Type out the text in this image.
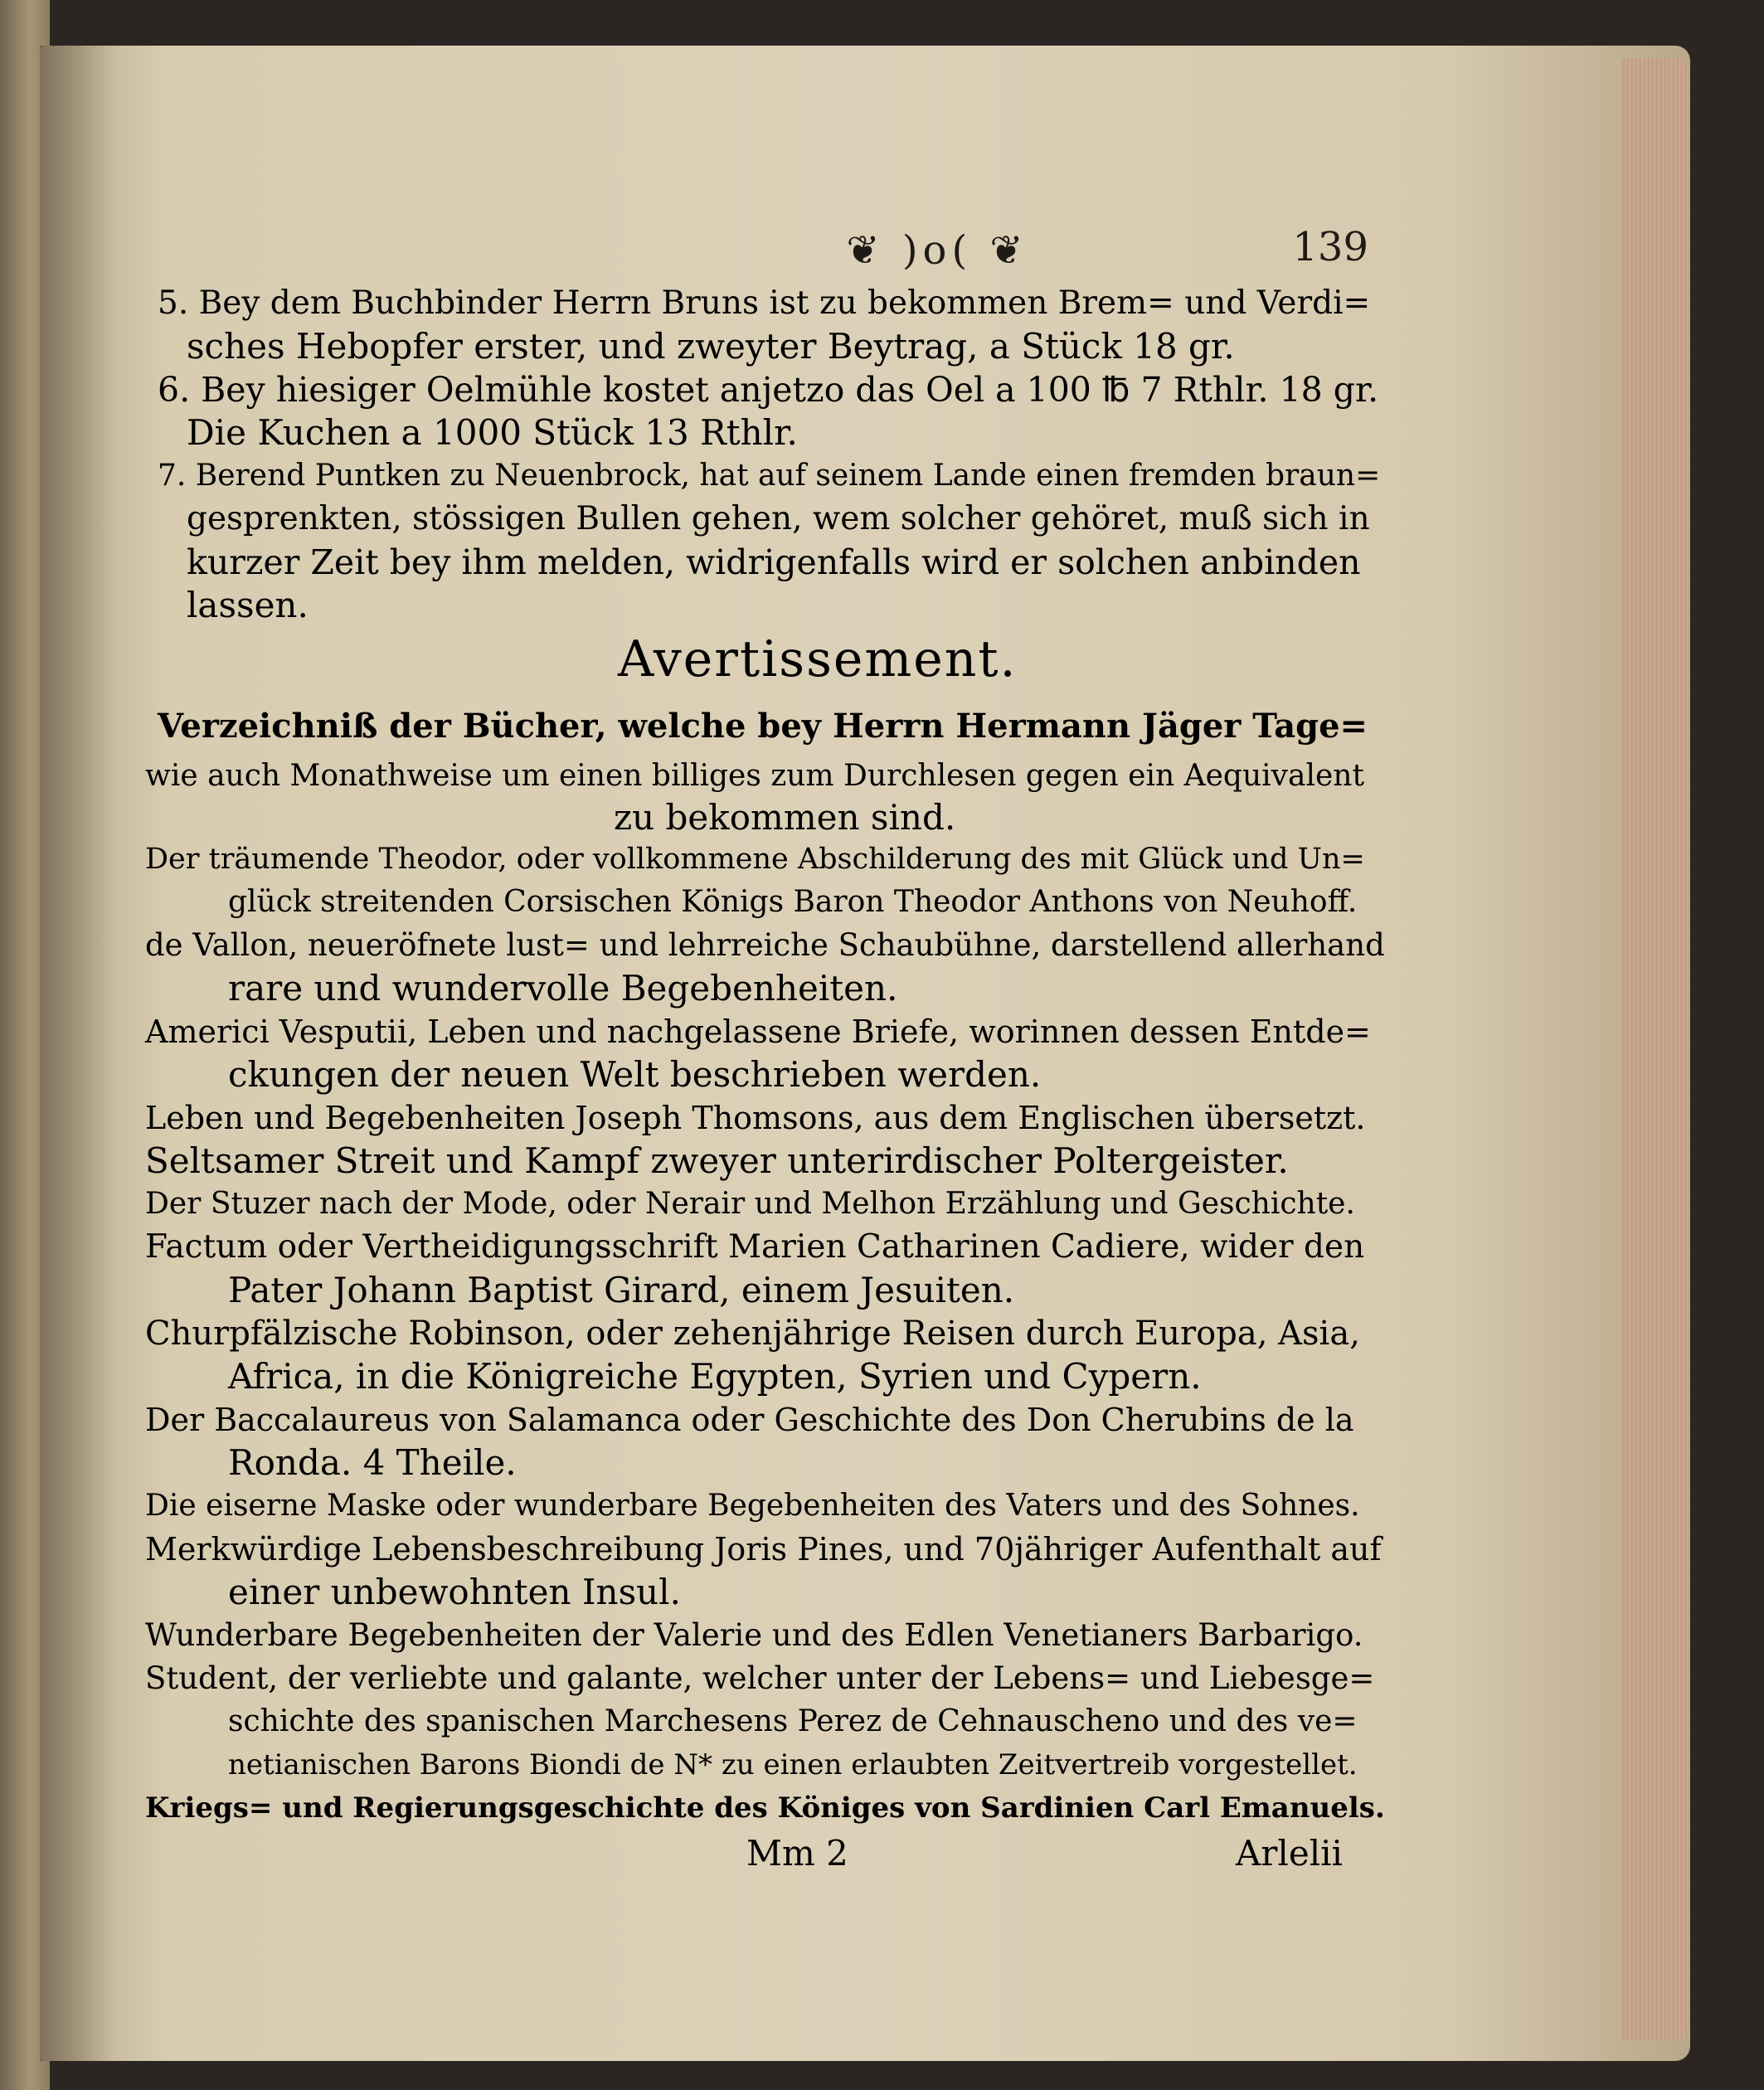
❦ )o( ❦	139
5. Bey dem Buchbinder Herrn Bruns ist zu bekommen Brem= und Verdi=
sches Hebopfer erster, und zweyter Beytrag, a Stück 18 gr.
6. Bey hiesiger Oelmühle kostet anjetzo das Oel a 100 ℔ 7 Rthlr. 18 gr.
Die Kuchen a 1000 Stück 13 Rthlr.
7. Berend Puntken zu Neuenbrock, hat auf seinem Lande einen fremden braun=
gesprenkten, stössigen Bullen gehen, wem solcher gehöret, muß sich in
kurzer Zeit bey ihm melden, widrigenfalls wird er solchen anbinden
lassen.
Avertissement.
Verzeichniß der Bücher, welche bey Herrn Hermann Jäger Tage=
wie auch Monathweise um einen billiges zum Durchlesen gegen ein Aequivalent
zu bekommen sind.
Der träumende Theodor, oder vollkommene Abschilderung des mit Glück und Un=
glück streitenden Corsischen Königs Baron Theodor Anthons von Neuhoff.
de Vallon, neueröfnete lust= und lehrreiche Schaubühne, darstellend allerhand
rare und wundervolle Begebenheiten.
Americi Vesputii, Leben und nachgelassene Briefe, worinnen dessen Entde=
ckungen der neuen Welt beschrieben werden.
Leben und Begebenheiten Joseph Thomsons, aus dem Englischen übersetzt.
Seltsamer Streit und Kampf zweyer unterirdischer Poltergeister.
Der Stuzer nach der Mode, oder Nerair und Melhon Erzählung und Geschichte.
Factum oder Vertheidigungsschrift Marien Catharinen Cadiere, wider den
Pater Johann Baptist Girard, einem Jesuiten.
Churpfälzische Robinson, oder zehenjährige Reisen durch Europa, Asia,
Africa, in die Königreiche Egypten, Syrien und Cypern.
Der Baccalaureus von Salamanca oder Geschichte des Don Cherubins de la
Ronda. 4 Theile.
Die eiserne Maske oder wunderbare Begebenheiten des Vaters und des Sohnes.
Merkwürdige Lebensbeschreibung Joris Pines, und 70jähriger Aufenthalt auf
einer unbewohnten Insul.
Wunderbare Begebenheiten der Valerie und des Edlen Venetianers Barbarigo.
Student, der verliebte und galante, welcher unter der Lebens= und Liebesge=
schichte des spanischen Marchesens Perez de Cehnauscheno und des ve=
netianischen Barons Biondi de N* zu einen erlaubten Zeitvertreib vorgestellet.
Kriegs= und Regierungsgeschichte des Königes von Sardinien Carl Emanuels.
Mm 2	Arlelii
